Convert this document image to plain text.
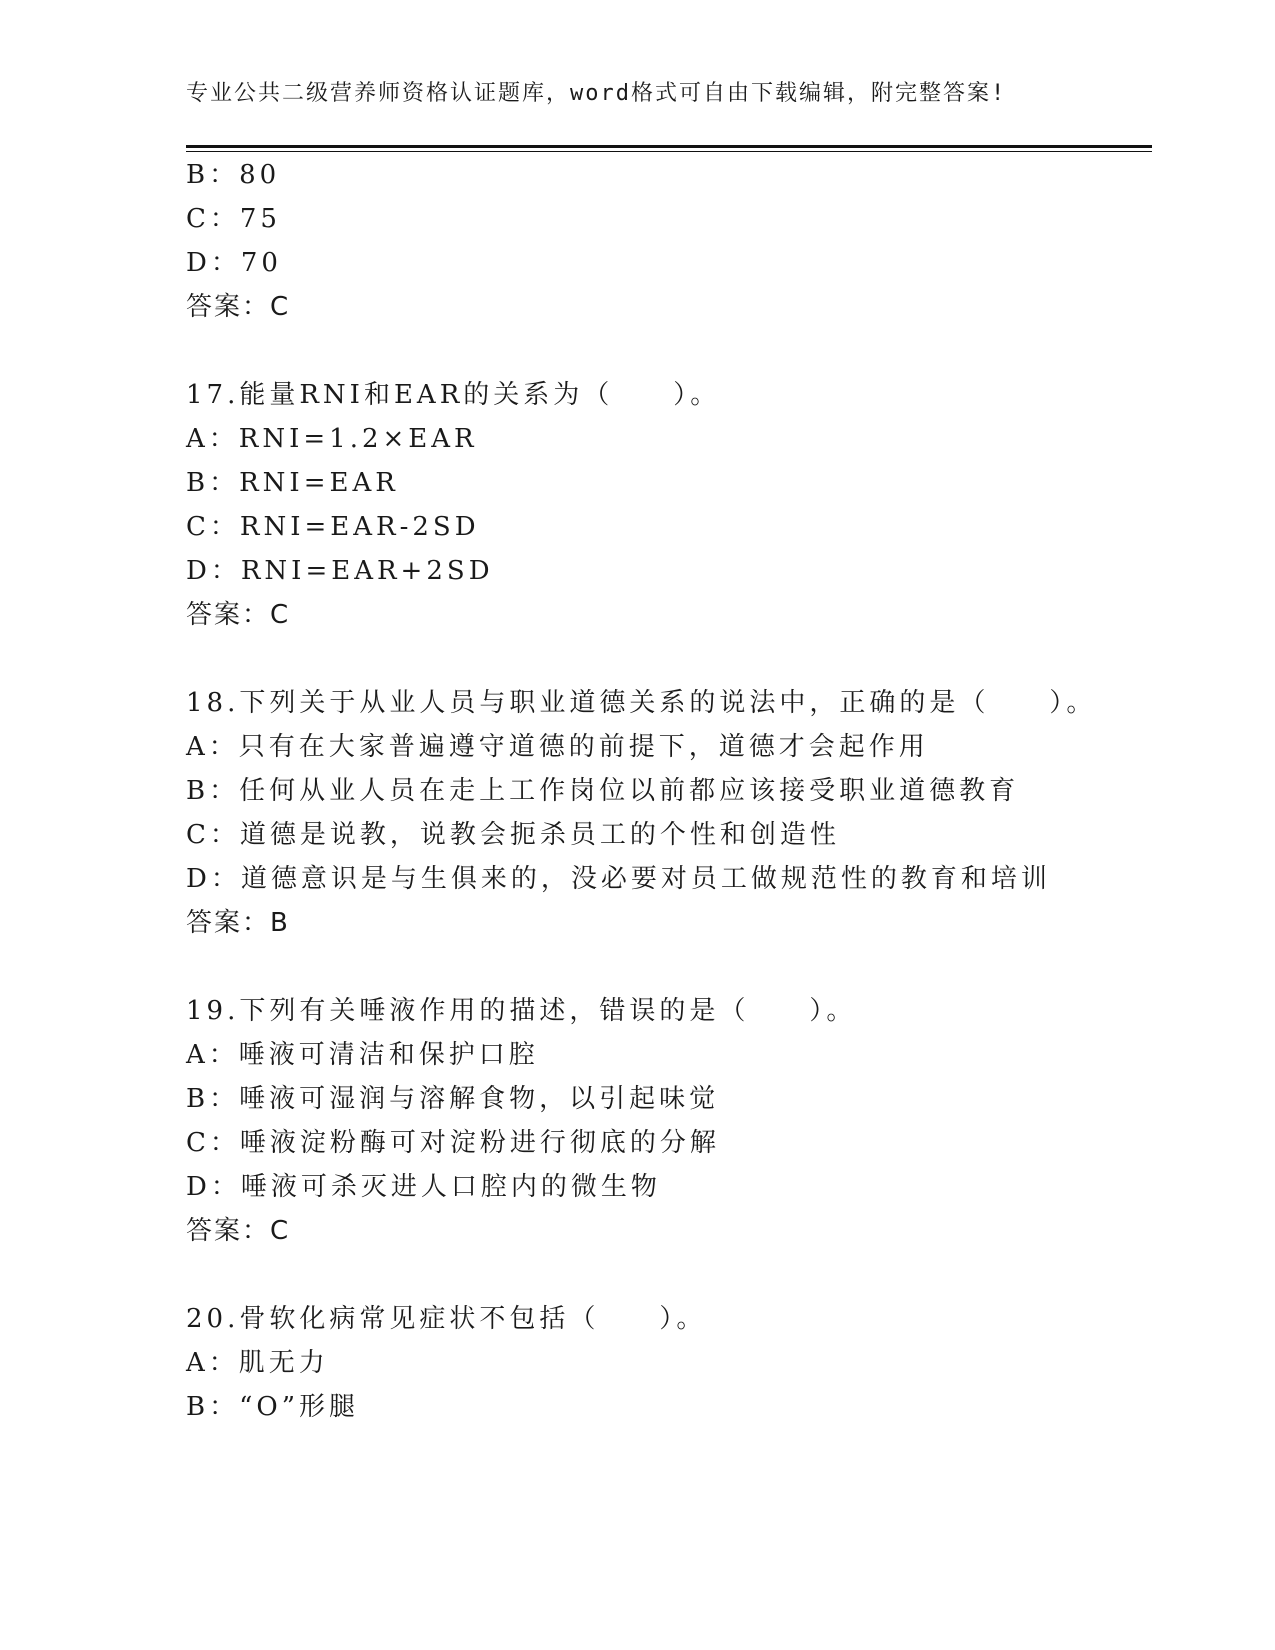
专业公共二级营养师资格认证题库，word格式可自由下载编辑，附完整答案!
B：80
C：75
D：70
答案：C
17.能量RNI和EAR的关系为（　　）。
A：RNI=1.2×EAR
B：RNI=EAR
C：RNI=EAR-2SD
D：RNI=EAR+2SD
答案：C
18.下列关于从业人员与职业道德关系的说法中，正确的是（　　）。
A：只有在大家普遍遵守道德的前提下，道德才会起作用
B：任何从业人员在走上工作岗位以前都应该接受职业道德教育
C：道德是说教，说教会扼杀员工的个性和创造性
D：道德意识是与生俱来的，没必要对员工做规范性的教育和培训
答案：B
19.下列有关唾液作用的描述，错误的是（　　）。
A：唾液可清洁和保护口腔
B：唾液可湿润与溶解食物，以引起味觉
C：唾液淀粉酶可对淀粉进行彻底的分解
D：唾液可杀灭进人口腔内的微生物
答案：C
20.骨软化病常见症状不包括（　　）。
A：肌无力
B：“O”形腿
